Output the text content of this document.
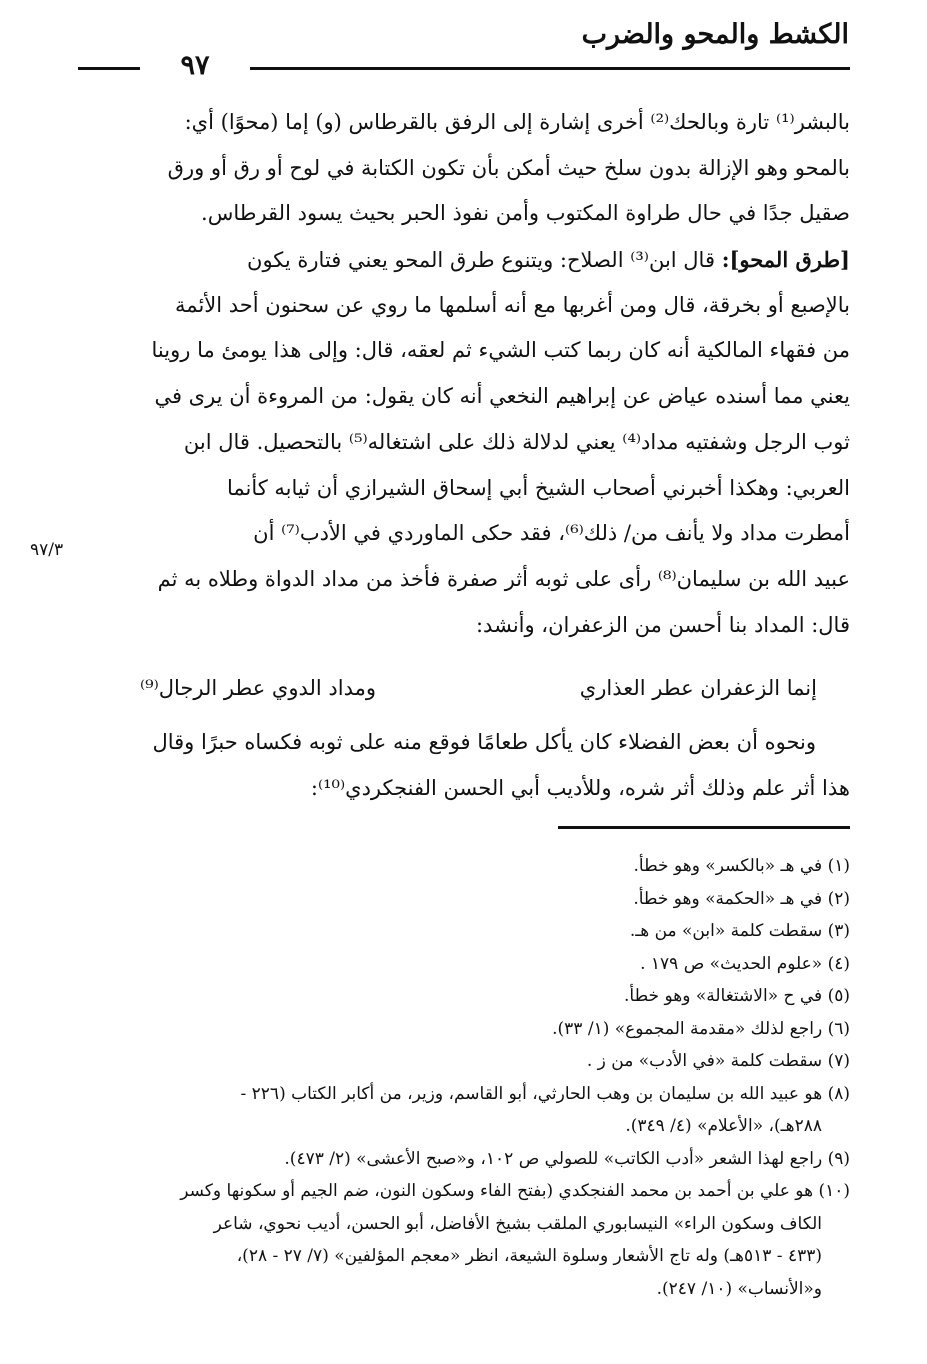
الكشط والمحو والضرب
٩٧
بالبشر⁽¹⁾ تارة وبالحك⁽²⁾ أخرى إشارة إلى الرفق بالقرطاس (و) إما (محوًا) أي:
بالمحو وهو الإزالة بدون سلخ حيث أمكن بأن تكون الكتابة في لوح أو رق أو ورق
صقيل جدًا في حال طراوة المكتوب وأمن نفوذ الحبر بحيث يسود القرطاس.
[طرق المحو]: قال ابن⁽³⁾ الصلاح: ويتنوع طرق المحو يعني فتارة يكون
بالإصبع أو بخرقة، قال ومن أغربها مع أنه أسلمها ما روي عن سحنون أحد الأئمة
من فقهاء المالكية أنه كان ربما كتب الشيء ثم لعقه، قال: وإلى هذا يومئ ما روينا
يعني مما أسنده عياض عن إبراهيم النخعي أنه كان يقول: من المروءة أن يرى في
ثوب الرجل وشفتيه مداد⁽⁴⁾ يعني لدلالة ذلك على اشتغاله⁽⁵⁾ بالتحصيل. قال ابن
العربي: وهكذا أخبرني أصحاب الشيخ أبي إسحاق الشيرازي أن ثيابه كأنما
أمطرت مداد ولا يأنف من/ ذلك⁽⁶⁾، فقد حكى الماوردي في الأدب⁽⁷⁾ أن
عبيد الله بن سليمان⁽⁸⁾ رأى على ثوبه أثر صفرة فأخذ من مداد الدواة وطلاه به ثم
قال: المداد بنا أحسن من الزعفران، وأنشد:
٩٧/٣
إنما الزعفران عطر العذاري
ومداد الدوي عطر الرجال⁽⁹⁾
ونحوه أن بعض الفضلاء كان يأكل طعامًا فوقع منه على ثوبه فكساه حبرًا وقال
هذا أثر علم وذلك أثر شره، وللأديب أبي الحسن الفنجكردي⁽¹⁰⁾:
(١) في هـ «بالكسر» وهو خطأ.
(٢) في هـ «الحكمة» وهو خطأ.
(٣) سقطت كلمة «ابن» من هـ.
(٤) «علوم الحديث» ص ١٧٩ .
(٥) في ح «الاشتغالة» وهو خطأ.
(٦) راجع لذلك «مقدمة المجموع» (١/ ٣٣).
(٧) سقطت كلمة «في الأدب» من ز .
(٨) هو عبيد الله بن سليمان بن وهب الحارثي، أبو القاسم، وزير، من أكابر الكتاب (٢٢٦ -
٢٨٨هـ)، «الأعلام» (٤/ ٣٤٩).
(٩) راجع لهذا الشعر «أدب الكاتب» للصولي ص ١٠٢، و«صبح الأعشى» (٢/ ٤٧٣).
(١٠) هو علي بن أحمد بن محمد الفنجكدي (بفتح الفاء وسكون النون، ضم الجيم أو سكونها وكسر
الكاف وسكون الراء» النيسابوري الملقب بشيخ الأفاضل، أبو الحسن، أديب نحوي، شاعر
(٤٣٣ - ٥١٣هـ) وله تاج الأشعار وسلوة الشيعة، انظر «معجم المؤلفين» (٧/ ٢٧ - ٢٨)،
و«الأنساب» (١٠/ ٢٤٧).
